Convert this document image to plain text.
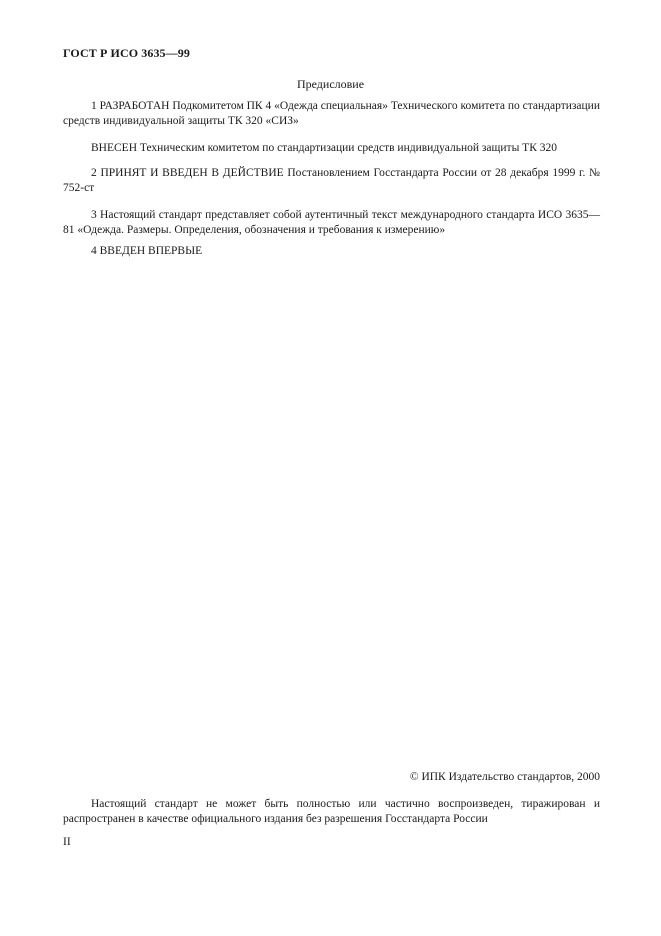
ГОСТ Р ИСО 3635—99
Предисловие
1 РАЗРАБОТАН Подкомитетом ПК 4 «Одежда специальная» Технического комитета по стандартизации средств индивидуальной защиты ТК 320 «СИЗ»
ВНЕСЕН Техническим комитетом по стандартизации средств индивидуальной защиты ТК 320
2 ПРИНЯТ И ВВЕДЕН В ДЕЙСТВИЕ Постановлением Госстандарта России от 28 декабря 1999 г. № 752-ст
3 Настоящий стандарт представляет собой аутентичный текст международного стандарта ИСО 3635—81 «Одежда. Размеры. Определения, обозначения и требования к измерению»
4 ВВЕДЕН ВПЕРВЫЕ
© ИПК Издательство стандартов, 2000
Настоящий стандарт не может быть полностью или частично воспроизведен, тиражирован и распространен в качестве официального издания без разрешения Госстандарта России
II
